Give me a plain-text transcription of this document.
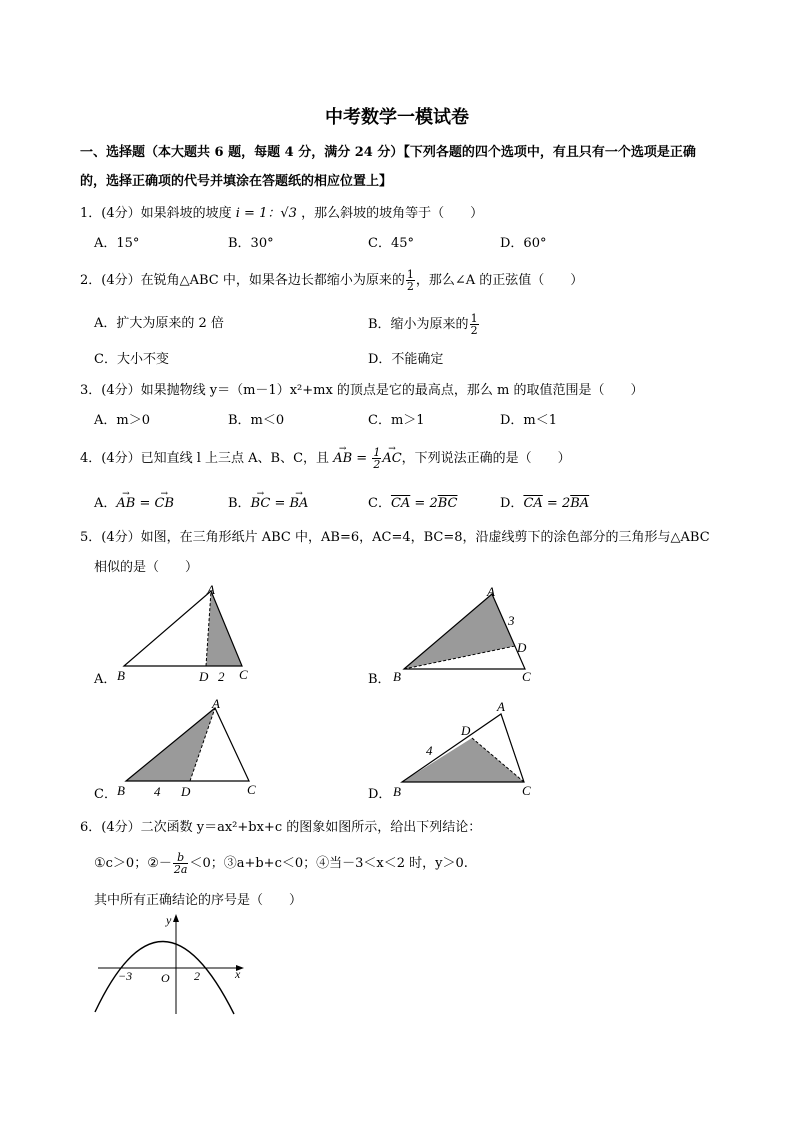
中考数学一模试卷
一、选择题（本大题共 6 题，每题 4 分，满分 24 分）【下列各题的四个选项中，有且只有一个选项是正确
的，选择正确项的代号并填涂在答题纸的相应位置上】
1．(4分）如果斜坡的坡度 i = 1：√3 ，那么斜坡的坡角等于（　　）
A．15°	B．30°	C．45°	D．60°
2．(4分）在锐角△ABC 中，如果各边长都缩小为原来的 $\frac{1}{2}$ ，那么∠A 的正弦值（　　）
A．扩大为原来的 2 倍	B．缩小为原来的 $\frac{1}{2}$
C．大小不变	D．不能确定
3．(4分）如果抛物线 y＝（m－1）x²+mx 的顶点是它的最高点，那么 m 的取值范围是（　　）
A．m＞0	B．m＜0	C．m＞1	D．m＜1
4．(4分）已知直线 l 上三点 A、B、C，且 → AB = $\frac{1}{2}$ → AC，下列说法正确的是（　　）
A．→ AB = → CB	B．→ BC = → BA	C．$\overline{CA} = 2\overline{BC}$	D．$\overline{CA} = 2\overline{BA}$
5．(4分）如图，在三角形纸片 ABC 中，AB=6，AC=4，BC=8，沿虚线剪下的涂色部分的三角形与△ABC
相似的是（　　）
A．
A
B	C
D 2	B．
A
B	C
D
3
C．
A
B	C
D
4	D．
A
B	C
D
4
6．(4分）二次函数 y＝ax²+bx+c 的图象如图所示，给出下列结论：
①c＞0；②－ $\frac{b}{2a} <0$；③a+b+c＜0；④当－3＜x＜2 时，y＞0.
其中所有正确结论的序号是（　　）
y
x
O
−3	2
